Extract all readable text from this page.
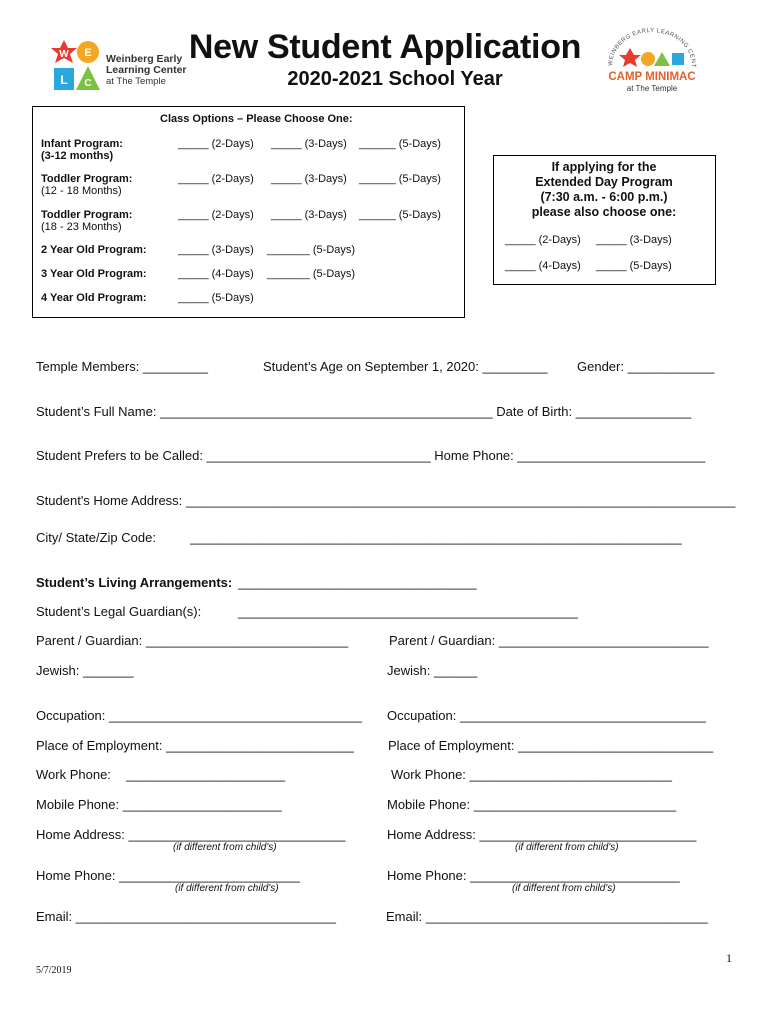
New Student Application
2020-2021 School Year
W E
L C
Weinberg Early
Learning Center
at The Temple
WEINBERG EARLY LEARNING CENT
CAMP MINIMAC
at The Temple
Class Options – Please Choose One:
Infant Program:
(3-12 months)
_____ (2-Days) _____ (3-Days) ______ (5-Days)
Toddler Program:
(12 - 18 Months)
_____ (2-Days) _____ (3-Days) ______ (5-Days)
Toddler Program:
(18 - 23 Months)
_____ (2-Days) _____ (3-Days) ______ (5-Days)
2 Year Old Program:	_____ (3-Days) _______ (5-Days)
3 Year Old Program:	_____ (4-Days) _______ (5-Days)
4 Year Old Program:	_____ (5-Days)
If applying for the
Extended Day Program
(7:30 a.m. - 6:00 p.m.)
please also choose one:
_____ (2-Days) _____ (3-Days)
_____ (4-Days) _____ (5-Days)
Temple Members: _________	Student’s Age on September 1, 2020: _________ Gender: ____________
Student’s Full Name: ______________________________________________ Date of Birth: ________________
Student Prefers to be Called: _______________________________ Home Phone: __________________________
Student's Home Address: ____________________________________________________________________________
City/ State/Zip Code:	____________________________________________________________________
Student’s Living Arrangements: _________________________________
Student’s Legal Guardian(s):	_______________________________________________
Parent / Guardian: ____________________________
Jewish: _______
Occupation: ___________________________________
Place of Employment: __________________________
Work Phone: ______________________
Mobile Phone: ______________________
Home Address: ______________________________
(if different from child's)
Home Phone: _________________________
(if different from child's)
Email: ____________________________________
Parent / Guardian: _____________________________
Jewish: ______
Occupation: __________________________________
Place of Employment: ___________________________
Work Phone: ____________________________
Mobile Phone: ____________________________
Home Address: ______________________________
(if different from child's)
Home Phone: _____________________________
(if different from child's)
Email: _______________________________________
1
5/7/2019
